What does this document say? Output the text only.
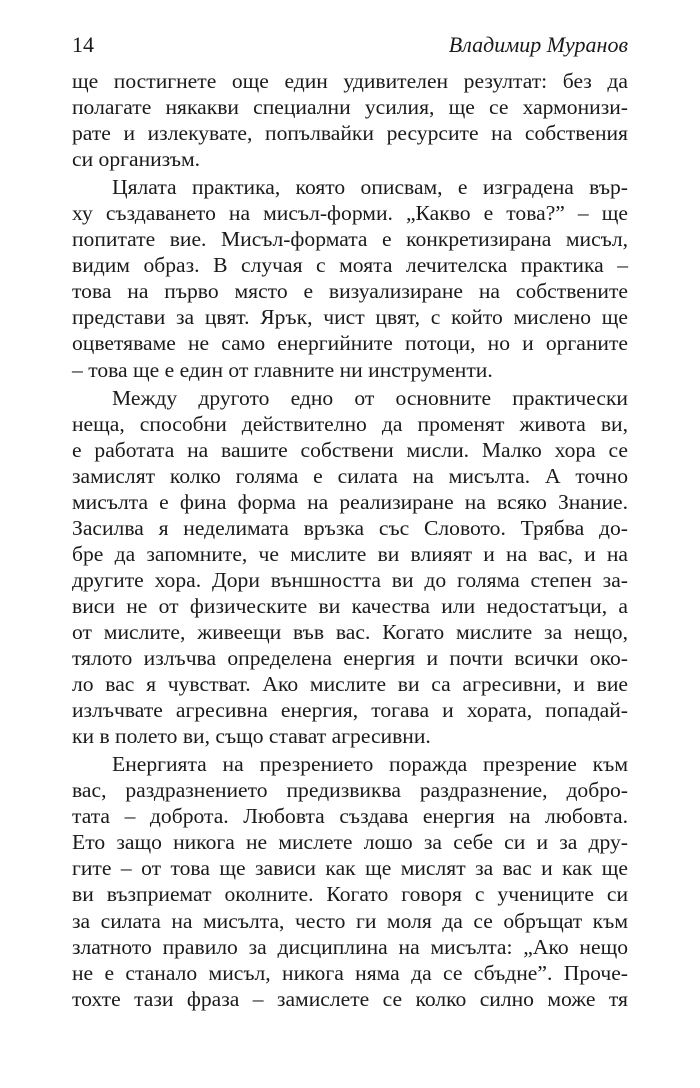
14	Владимир Муранов
ще постигнете още един удивителен резултат: без да
полагате някакви специални усилия, ще се хармонизи-
рате и излекувате, попълвайки ресурсите на собствения
си организъм.
Цялата практика, която описвам, е изградена вър-
ху създаването на мисъл-форми. „Какво е това?” – ще
попитате вие. Мисъл-формата е конкретизирана мисъл,
видим образ. В случая с моята лечителска практика –
това на първо място е визуализиране на собствените
представи за цвят. Ярък, чист цвят, с който мислено ще
оцветяваме не само енергийните потоци, но и органите
– това ще е един от главните ни инструменти.
Между другото едно от основните практически
неща, способни действително да променят живота ви,
е работата на вашите собствени мисли. Малко хора се
замислят колко голяма е силата на мисълта. А точно
мисълта е фина форма на реализиране на всяко Знание.
Засилва я неделимата връзка със Словото. Трябва до-
бре да запомните, че мислите ви влияят и на вас, и на
другите хора. Дори външността ви до голяма степен за-
виси не от физическите ви качества или недостатъци, а
от мислите, живеещи във вас. Когато мислите за нещо,
тялото излъчва определена енергия и почти всички око-
ло вас я чувстват. Ако мислите ви са агресивни, и вие
излъчвате агресивна енергия, тогава и хората, попадай-
ки в полето ви, също стават агресивни.
Енергията на презрението поражда презрение към
вас, раздразнението предизвиква раздразнение, добро-
тата – доброта. Любовта създава енергия на любовта.
Ето защо никога не мислете лошо за себе си и за дру-
гите – от това ще зависи как ще мислят за вас и как ще
ви възприемат околните. Когато говоря с учениците си
за силата на мисълта, често ги моля да се обръщат към
златното правило за дисциплина на мисълта: „Ако нещо
не е станало мисъл, никога няма да се сбъдне”. Проче-
тохте тази фраза – замислете се колко силно може тя
